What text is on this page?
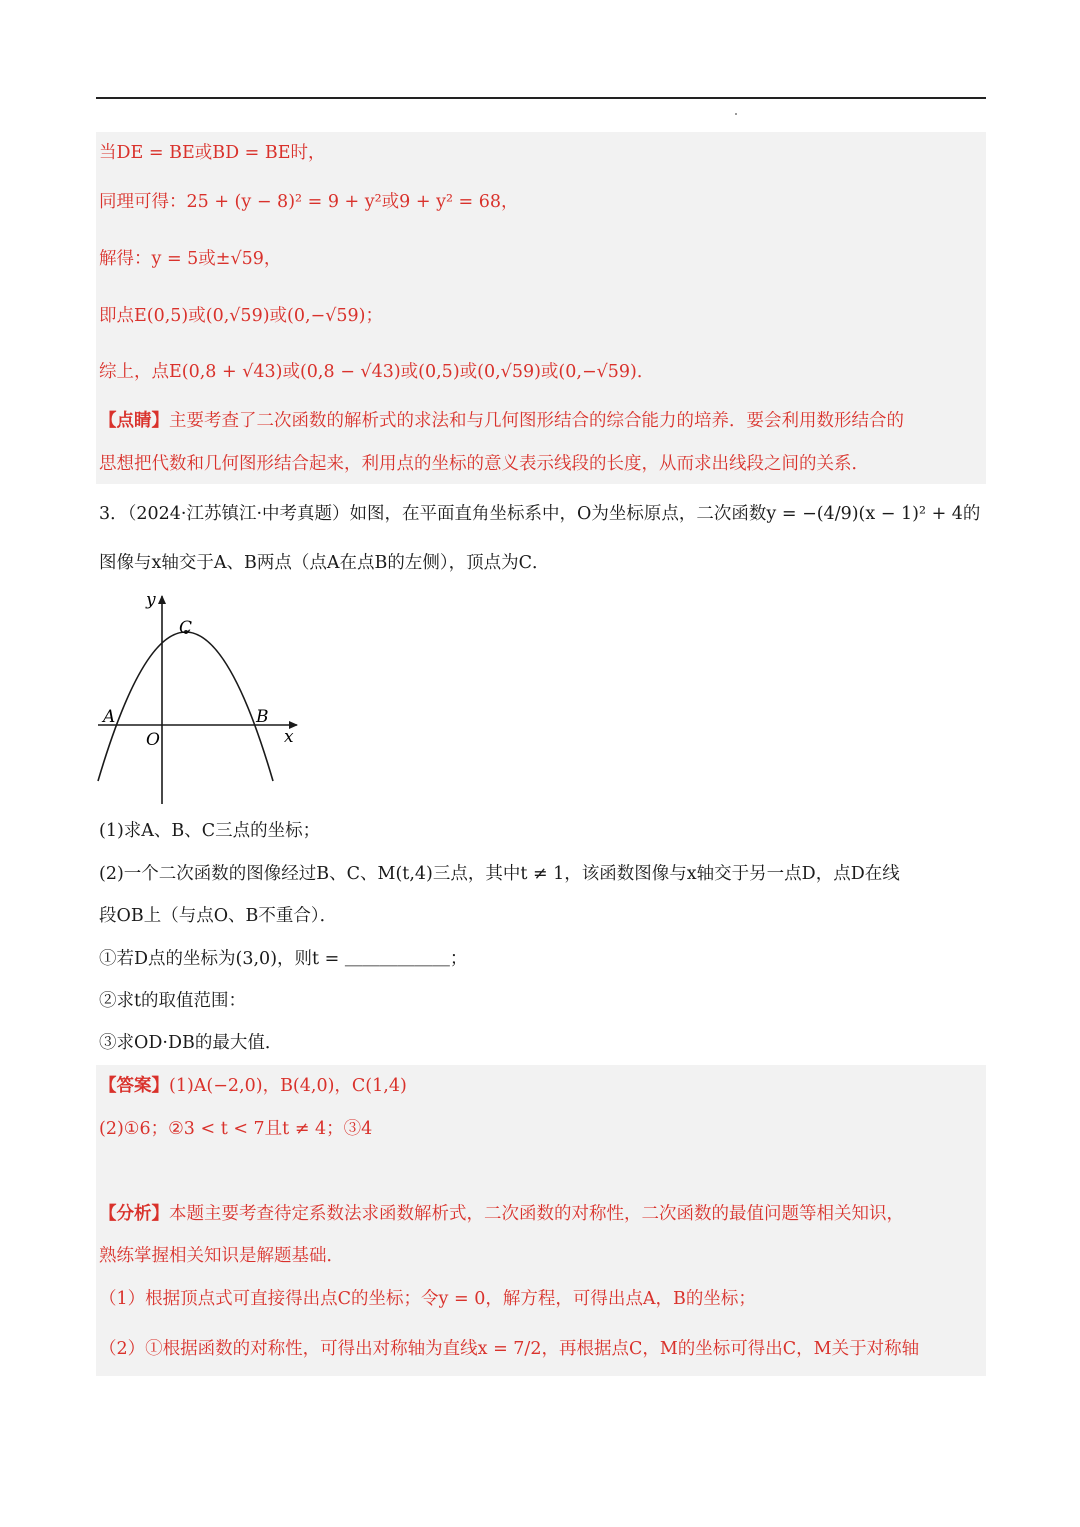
当DE = BE或BD = BE时，
同理可得：25 + (y − 8)² = 9 + y²或9 + y² = 68，
解得：y = 5或±√59，
即点E(0,5)或(0,√59)或(0,−√59)；
综上，点E(0,8 + √43)或(0,8 − √43)或(0,5)或(0,√59)或(0,−√59)．
【点睛】主要考查了二次函数的解析式的求法和与几何图形结合的综合能力的培养．要会利用数形结合的
思想把代数和几何图形结合起来，利用点的坐标的意义表示线段的长度，从而求出线段之间的关系．
3．（2024·江苏镇江·中考真题）如图，在平面直角坐标系中，O为坐标原点，二次函数y = −(4/9)(x − 1)² + 4的
图像与x轴交于A、B两点（点A在点B的左侧），顶点为C．
y
x
C
A	B
O
(1)求A、B、C三点的坐标；
(2)一个二次函数的图像经过B、C、M(t,4)三点，其中t ≠ 1，该函数图像与x轴交于另一点D，点D在线
段OB上（与点O、B不重合）．
①若D点的坐标为(3,0)，则t = ＿＿＿＿＿＿；
②求t的取值范围：
③求OD·DB的最大值．
【答案】(1)A(−2,0)，B(4,0)，C(1,4)
(2)①6；②3 < t < 7且t ≠ 4；③4
【分析】本题主要考查待定系数法求函数解析式，二次函数的对称性，二次函数的最值问题等相关知识，
熟练掌握相关知识是解题基础．
（1）根据顶点式可直接得出点C的坐标；令y = 0，解方程，可得出点A，B的坐标；
（2）①根据函数的对称性，可得出对称轴为直线x = 7/2，再根据点C，M的坐标可得出C，M关于对称轴
